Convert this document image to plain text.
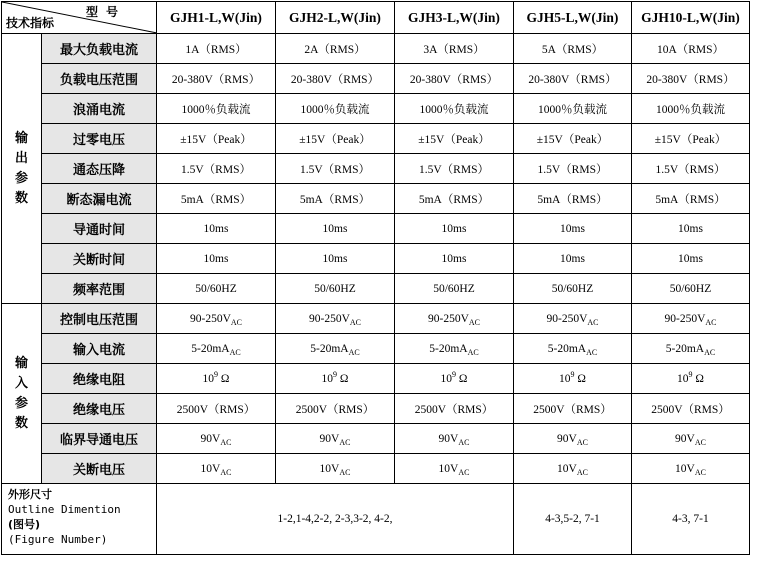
型号
技术指标		GJH1-L,W(Jin)	GJH2-L,W(Jin)	GJH3-L,W(Jin)	GJH5-L,W(Jin)	GJH10-L,W(Jin)

输
出
参
数	最大负载电流	1A（RMS）	2A（RMS）	3A（RMS）	5A（RMS）	10A（RMS）
	负载电压范围	20-380V（RMS）	20-380V（RMS）	20-380V（RMS）	20-380V（RMS）	20-380V（RMS）
	浪涌电流	1000％负载流	1000％负载流	1000％负载流	1000％负载流	1000％负载流
	过零电压	±15V（Peak）	±15V（Peak）	±15V（Peak）	±15V（Peak）	±15V（Peak）
	通态压降	1.5V（RMS）	1.5V（RMS）	1.5V（RMS）	1.5V（RMS）	1.5V（RMS）
	断态漏电流	5mA（RMS）	5mA（RMS）	5mA（RMS）	5mA（RMS）	5mA（RMS）
	导通时间	10ms	10ms	10ms	10ms	10ms
	关断时间	10ms	10ms	10ms	10ms	10ms
	频率范围	50/60HZ	50/60HZ	50/60HZ	50/60HZ	50/60HZ

输
入
参
数	控制电压范围	$90-250V_{AC}$	$90-250V_{AC}$	$90-250V_{AC}$	$90-250V_{AC}$	$90-250V_{AC}$
	输入电流	$5-20mA_{AC}$	$5-20mA_{AC}$	$5-20mA_{AC}$	$5-20mA_{AC}$	$5-20mA_{AC}$
	绝缘电阻	$10^9$ Ω	$10^9$ Ω	$10^9$ Ω	$10^9$ Ω	$10^9$ Ω
	绝缘电压	2500V（RMS）	2500V（RMS）	2500V（RMS）	2500V（RMS）	2500V（RMS）
	临界导通电压	$90V_{AC}$	$90V_{AC}$	$90V_{AC}$	$90V_{AC}$	$90V_{AC}$
	关断电压	$10V_{AC}$	$10V_{AC}$	$10V_{AC}$	$10V_{AC}$	$10V_{AC}$

外形尺寸
Outline Dimention
(图号)
(Figure Number)		1-2,1-4,2-2, 2-3,3-2, 4-2,			4-3,5-2, 7-1	4-3, 7-1
